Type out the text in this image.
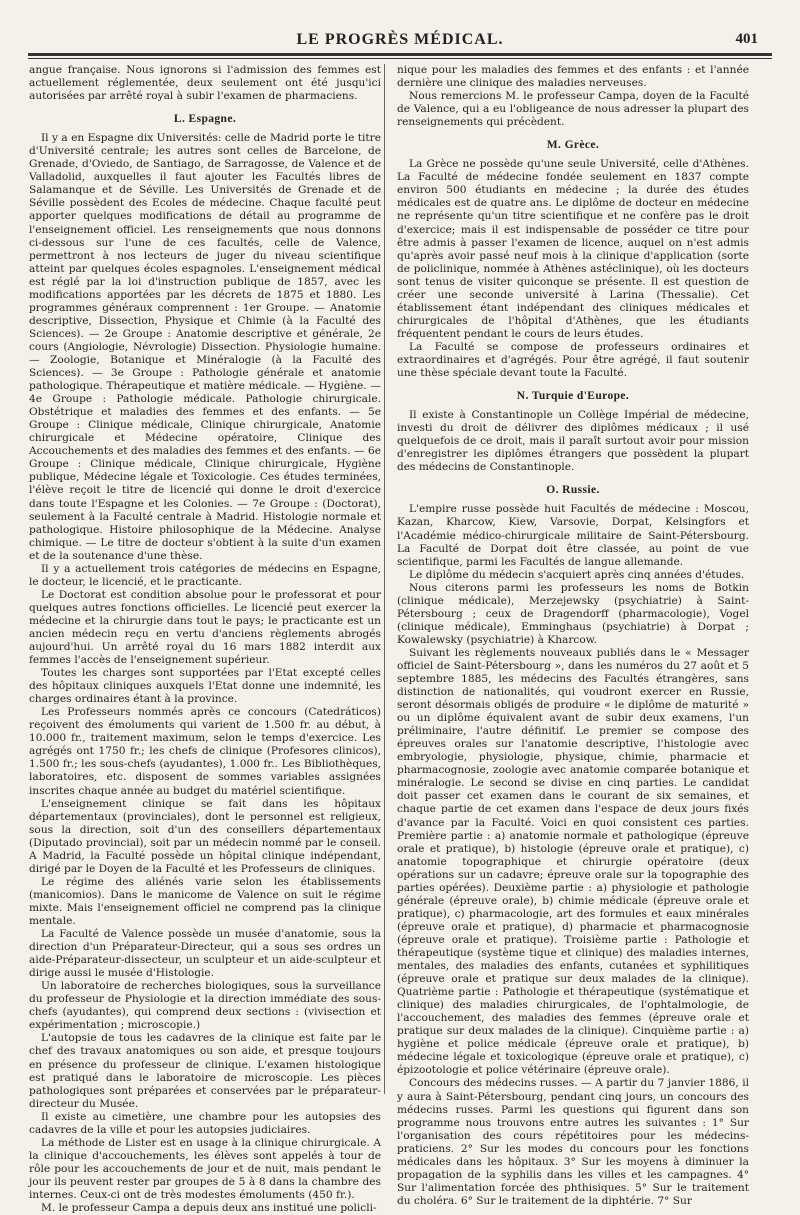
LE PROGRÈS MÉDICAL.	401

angue française. Nous ignorons si l'admission des femmes est actuellement réglementée, deux seulement ont été jusqu'ici autorisées par arrêté royal à subir l'examen de pharmaciens.

L. Espagne.

Il y a en Espagne dix Universités: celle de Madrid porte le titre d'Université centrale; les autres sont celles de Barcelone, de Grenade, d'Oviedo, de Santiago, de Sarragosse, de Valence et de Valladolid, auxquelles il faut ajouter les Facultés libres de Salamanque et de Séville. Les Universités de Grenade et de Séville possèdent des Ecoles de médecine. Chaque faculté peut apporter quelques modifications de détail au programme de l'enseignement officiel. Les renseignements que nous donnons ci-dessous sur l'une de ces facultés, celle de Valence, permettront à nos lecteurs de juger du niveau scientifique atteint par quelques écoles espagnoles. L'enseignement médical est réglé par la loi d'instruction publique de 1857, avec les modifications apportées par les décrets de 1875 et 1880. Les programmes généraux comprennent : 1er Groupe. — Anatomie descriptive, Dissection, Physique et Chimie (à la Faculté des Sciences). — 2e Groupe : Anatomie descriptive et générale, 2e cours (Angiologie, Névrologie) Dissection. Physiologie humaine. — Zoologie, Botanique et Minéralogie (à la Faculté des Sciences). — 3e Groupe : Pathologie générale et anatomie pathologique. Thérapeutique et matière médicale. — Hygiène. — 4e Groupe : Pathologie médicale. Pathologie chirurgicale. Obstétrique et maladies des femmes et des enfants. — 5e Groupe : Clinique médicale, Clinique chirurgicale, Anatomie chirurgicale et Médecine opératoire, Clinique des Accouchements et des maladies des femmes et des enfants. — 6e Groupe : Clinique médicale, Clinique chirurgicale, Hygiène publique, Médecine légale et Toxicologie. Ces études terminées, l'élève reçoit le titre de licencié qui donne le droit d'exercice dans toute l'Espagne et les Colonies. — 7e Groupe : (Doctorat), seulement à la Faculté centrale à Madrid. Histologie normale et pathologique. Histoire philosophique de la Médecine. Analyse chimique. — Le titre de docteur s'obtient à la suite d'un examen et de la soutenance d'une thèse.

Il y a actuellement trois catégories de médecins en Espagne, le docteur, le licencié, et le practicante.

Le Doctorat est condition absolue pour le professorat et pour quelques autres fonctions officielles. Le licencié peut exercer la médecine et la chirurgie dans tout le pays; le practicante est un ancien médecin reçu en vertu d'anciens règlements abrogés aujourd'hui. Un arrêté royal du 16 mars 1882 interdit aux femmes l'accès de l'enseignement supérieur.

Toutes les charges sont supportées par l'Etat excepté celles des hôpitaux cliniques auxquels l'Etat donne une indemnité, les charges ordinaires étant à la province.

Les Professeurs nommés après ce concours (Catedráticos) reçoivent des émoluments qui varient de 1.500 fr. au début, à 10.000 fr., traitement maximum, selon le temps d'exercice. Les agrégés ont 1750 fr.; les chefs de clinique (Profesores clinicos), 1.500 fr.; les sous-chefs (ayudantes), 1.000 fr.. Les Bibliothèques, laboratoires, etc. disposent de sommes variables assignées inscrites chaque année au budget du matériel scientifique.

L'enseignement clinique se fait dans les hôpitaux départementaux (provinciales), dont le personnel est religieux, sous la direction, soit d'un des conseillers départementaux (Diputado provincial), soit par un médecin nommé par le conseil. A Madrid, la Faculté possède un hôpital clinique indépendant, dirigé par le Doyen de la Faculté et les Professeurs de cliniques.

Le régime des aliénés varie selon les établissements (manicomios). Dans le manicome de Valence on suit le régime mixte. Mais l'enseignement officiel ne comprend pas la clinique mentale.

La Faculté de Valence possède un musée d'anatomie, sous la direction d'un Préparateur-Directeur, qui a sous ses ordres un aide-Préparateur-dissecteur, un sculpteur et un aide-sculpteur et dirige aussi le musée d'Histologie.

Un laboratoire de recherches biologiques, sous la surveillance du professeur de Physiologie et la direction immédiate des sous-chefs (ayudantes), qui comprend deux sections : (vivisection et expérimentation ; microscopie.)

L'autopsie de tous les cadavres de la clinique est faite par le chef des travaux anatomiques ou son aide, et presque toujours en présence du professeur de clinique. L'examen histologique est pratiqué dans le laboratoire de microscopie. Les pièces pathologiques sont préparées et conservées par le préparateur-directeur du Musée.

Il existe au cimetière, une chambre pour les autopsies des cadavres de la ville et pour les autopsies judiciaires.

La méthode de Lister est en usage à la clinique chirurgicale. A la clinique d'accouchements, les élèves sont appelés à tour de rôle pour les accouchements de jour et de nuit, mais pendant le jour ils peuvent rester par groupes de 5 à 8 dans la chambre des internes. Ceux-ci ont de très modestes émoluments (450 fr.).

M. le professeur Campa a depuis deux ans institué une policli-

nique pour les maladies des femmes et des enfants : et l'année dernière une clinique des maladies nerveuses.

Nous remercions M. le professeur Campa, doyen de la Faculté de Valence, qui a eu l'obligeance de nous adresser la plupart des renseignements qui précèdent.

M. Grèce.

La Grèce ne possède qu'une seule Université, celle d'Athènes. La Faculté de médecine fondée seulement en 1837 compte environ 500 étudiants en médecine ; la durée des études médicales est de quatre ans. Le diplôme de docteur en médecine ne représente qu'un titre scientifique et ne confère pas le droit d'exercice; mais il est indispensable de posséder ce titre pour être admis à passer l'examen de licence, auquel on n'est admis qu'après avoir passé neuf mois à la clinique d'application (sorte de policlinique, nommée à Athènes astéclinique), où les docteurs sont tenus de visiter quiconque se présente. Il est question de créer une seconde université à Larina (Thessalie). Cet établissement étant indépendant des cliniques médicales et chirurgicales de l'hôpital d'Athènes, que les étudiants fréquentent pendant le cours de leurs études.

La Faculté se compose de professeurs ordinaires et extraordinaires et d'agrégés. Pour être agrégé, il faut soutenir une thèse spéciale devant toute la Faculté.

N. Turquie d'Europe.

Il existe à Constantinople un Collège Impérial de médecine, investi du droit de délivrer des diplômes médicaux ; il usé quelquefois de ce droit, mais il paraît surtout avoir pour mission d'enregistrer les diplômes étrangers que possèdent la plupart des médecins de Constantinople.

O. Russie.

L'empire russe possède huit Facultés de médecine : Moscou, Kazan, Kharcow, Kiew, Varsovie, Dorpat, Kelsingfors et l'Académie médico-chirurgicale militaire de Saint-Pétersbourg. La Faculté de Dorpat doit être classée, au point de vue scientifique, parmi les Facultés de langue allemande.

Le diplôme du médecin s'acquiert après cinq années d'études.

Nous citerons parmi les professeurs les noms de Botkin (clinique médicale), Merzejewsky (psychiatrie) à Saint-Pétersbourg ; ceux de Dragendorff (pharmacologie), Vogel (clinique médicale), Emminghaus (psychiatrie) à Dorpat ; Kowalewsky (psychiatrie) à Kharcow.

Suivant les règlements nouveaux publiés dans le « Messager officiel de Saint-Pétersbourg », dans les numéros du 27 août et 5 septembre 1885, les médecins des Facultés étrangères, sans distinction de nationalités, qui voudront exercer en Russie, seront désormais obligés de produire « le diplôme de maturité » ou un diplôme équivalent avant de subir deux examens, l'un préliminaire, l'autre définitif. Le premier se compose des épreuves orales sur l'anatomie descriptive, l'histologie avec embryologie, physiologie, physique, chimie, pharmacie et pharmacognosie, zoologie avec anatomie comparée botanique et minéralogie. Le second se divise en cinq parties. Le candidat doit passer cet examen dans le courant de six semaines, et chaque partie de cet examen dans l'espace de deux jours fixés d'avance par la Faculté. Voici en quoi consistent ces parties. Première partie : a) anatomie normale et pathologique (épreuve orale et pratique), b) histologie (épreuve orale et pratique), c) anatomie topographique et chirurgie opératoire (deux opérations sur un cadavre; épreuve orale sur la topographie des parties opérées). Deuxième partie : a) physiologie et pathologie générale (épreuve orale), b) chimie médicale (épreuve orale et pratique), c) pharmacologie, art des formules et eaux minérales (épreuve orale et pratique), d) pharmacie et pharmacognosie (épreuve orale et pratique). Troisième partie : Pathologie et thérapeutique (système tique et clinique) des maladies internes, mentales, des maladies des enfants, cutanées et syphilitiques (épreuve orale et pratique sur deux malades de la clinique). Quatrième partie : Pathologie et thérapeutique (systématique et clinique) des maladies chirurgicales, de l'ophtalmologie, de l'accouchement, des maladies des femmes (épreuve orale et pratique sur deux malades de la clinique). Cinquième partie : a) hygiène et police médicale (épreuve orale et pratique), b) médecine légale et toxicologique (épreuve orale et pratique), c) épizootologie et police vétérinaire (épreuve orale).

Concours des médecins russes. — A partir du 7 janvier 1886, il y aura à Saint-Pétersbourg, pendant cinq jours, un concours des médecins russes. Parmi les questions qui figurent dans son programme nous trouvons entre autres les suivantes : 1° Sur l'organisation des cours répétitoires pour les médecins-praticiens. 2° Sur les modes du concours pour les fonctions médicales dans les hôpitaux. 3° Sur les moyens à diminuer la propagation de la syphilis dans les villes et les campagnes. 4° Sur l'alimentation forcée des phthisiques. 5° Sur le traitement du choléra. 6° Sur le traitement de la diphtérie. 7° Sur
